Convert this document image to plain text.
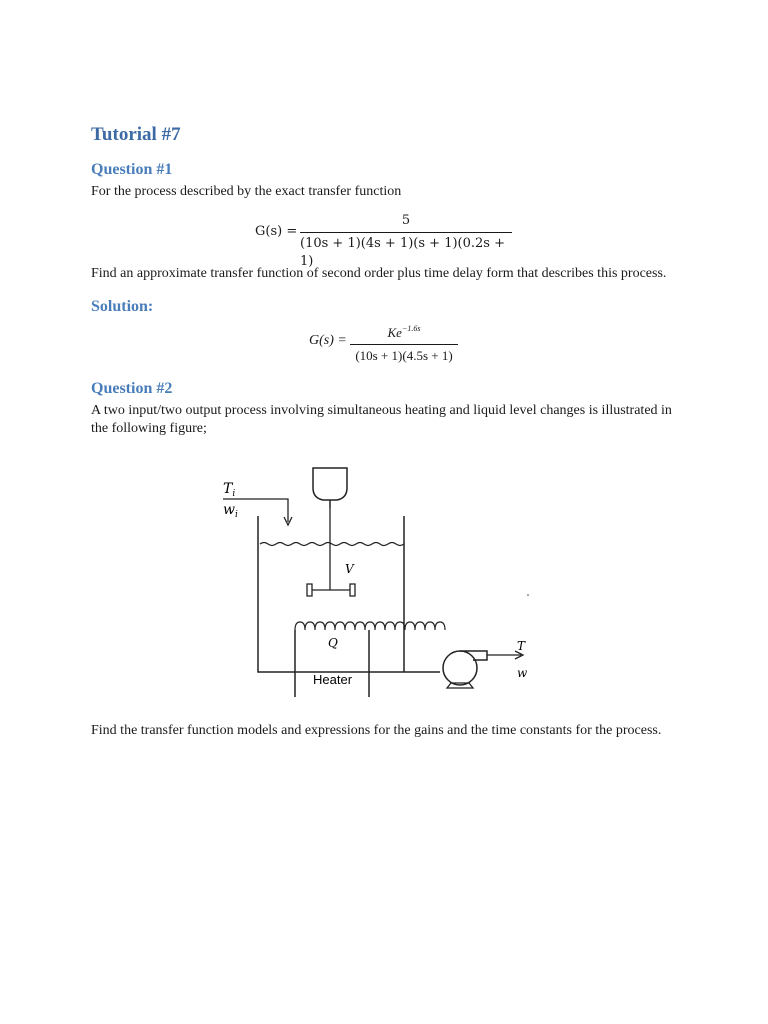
Tutorial #7
Question #1
For the process described by the exact transfer function
G(s) =
5
(10s + 1)(4s + 1)(s + 1)(0.2s + 1)
Find an approximate transfer function of second order plus time delay form that describes this process.
Solution:
G(s) =
$Ke^{-1.6s}$
(10s + 1)(4.5s + 1)
Question #2
A two input/two output process involving simultaneous heating and liquid level changes is illustrated in
the following figure;
$T_i$
$w_i$
V
Q
Heater
T
w
Find the transfer function models and expressions for the gains and the time constants for the process.
